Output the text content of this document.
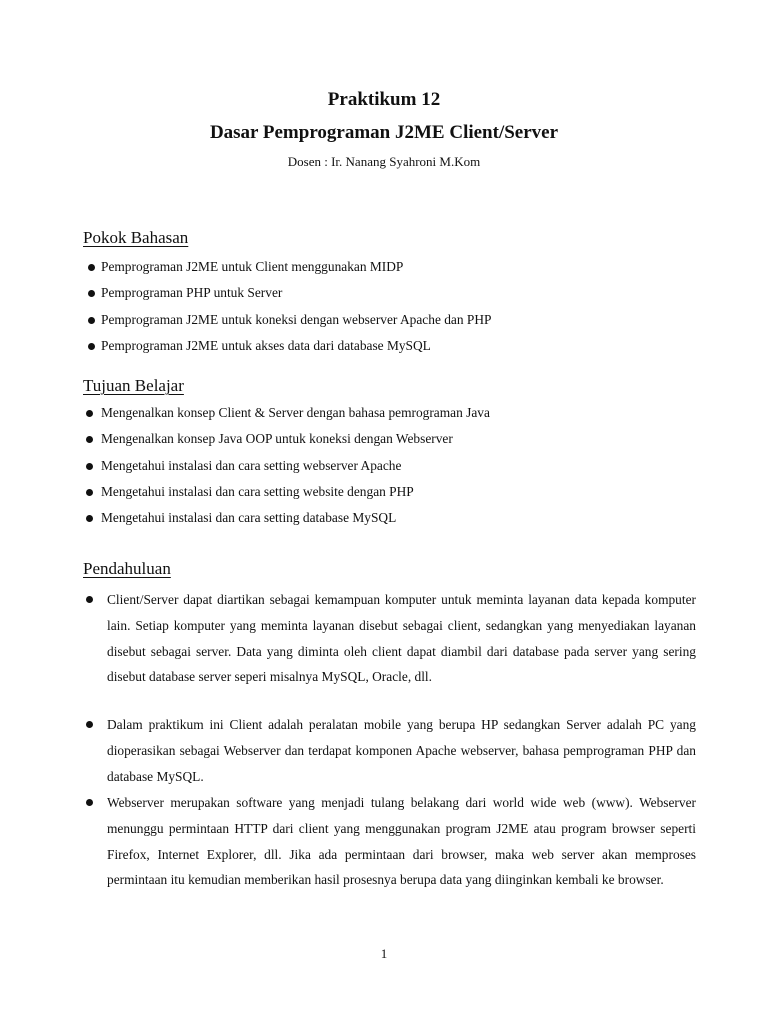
Praktikum 12
Dasar Pemprograman J2ME Client/Server
Dosen : Ir. Nanang Syahroni M.Kom
Pokok Bahasan
Pemprograman J2ME untuk Client menggunakan MIDP
Pemprograman PHP untuk Server
Pemprograman J2ME untuk koneksi dengan webserver Apache dan PHP
Pemprograman J2ME untuk akses data dari database MySQL
Tujuan Belajar
Mengenalkan konsep Client & Server dengan bahasa pemrograman Java
Mengenalkan konsep Java OOP untuk koneksi dengan Webserver
Mengetahui instalasi dan cara setting webserver Apache
Mengetahui instalasi dan cara setting website dengan PHP
Mengetahui instalasi dan cara setting database MySQL
Pendahuluan
Client/Server dapat diartikan sebagai kemampuan komputer untuk meminta layanan data kepada komputer lain. Setiap komputer yang meminta layanan disebut sebagai client, sedangkan yang menyediakan layanan disebut sebagai server. Data yang diminta oleh client dapat diambil dari database pada server yang sering disebut database server seperi misalnya MySQL, Oracle, dll.
Dalam praktikum ini Client adalah peralatan mobile yang berupa HP sedangkan Server adalah PC yang dioperasikan sebagai Webserver dan terdapat komponen Apache webserver, bahasa pemprograman PHP dan database MySQL.
Webserver merupakan software yang menjadi tulang belakang dari world wide web (www). Webserver menunggu permintaan HTTP dari client yang menggunakan program J2ME atau program browser seperti Firefox, Internet Explorer, dll. Jika ada permintaan dari browser, maka web server akan memproses permintaan itu kemudian memberikan hasil prosesnya berupa data yang diinginkan kembali ke browser.
1
